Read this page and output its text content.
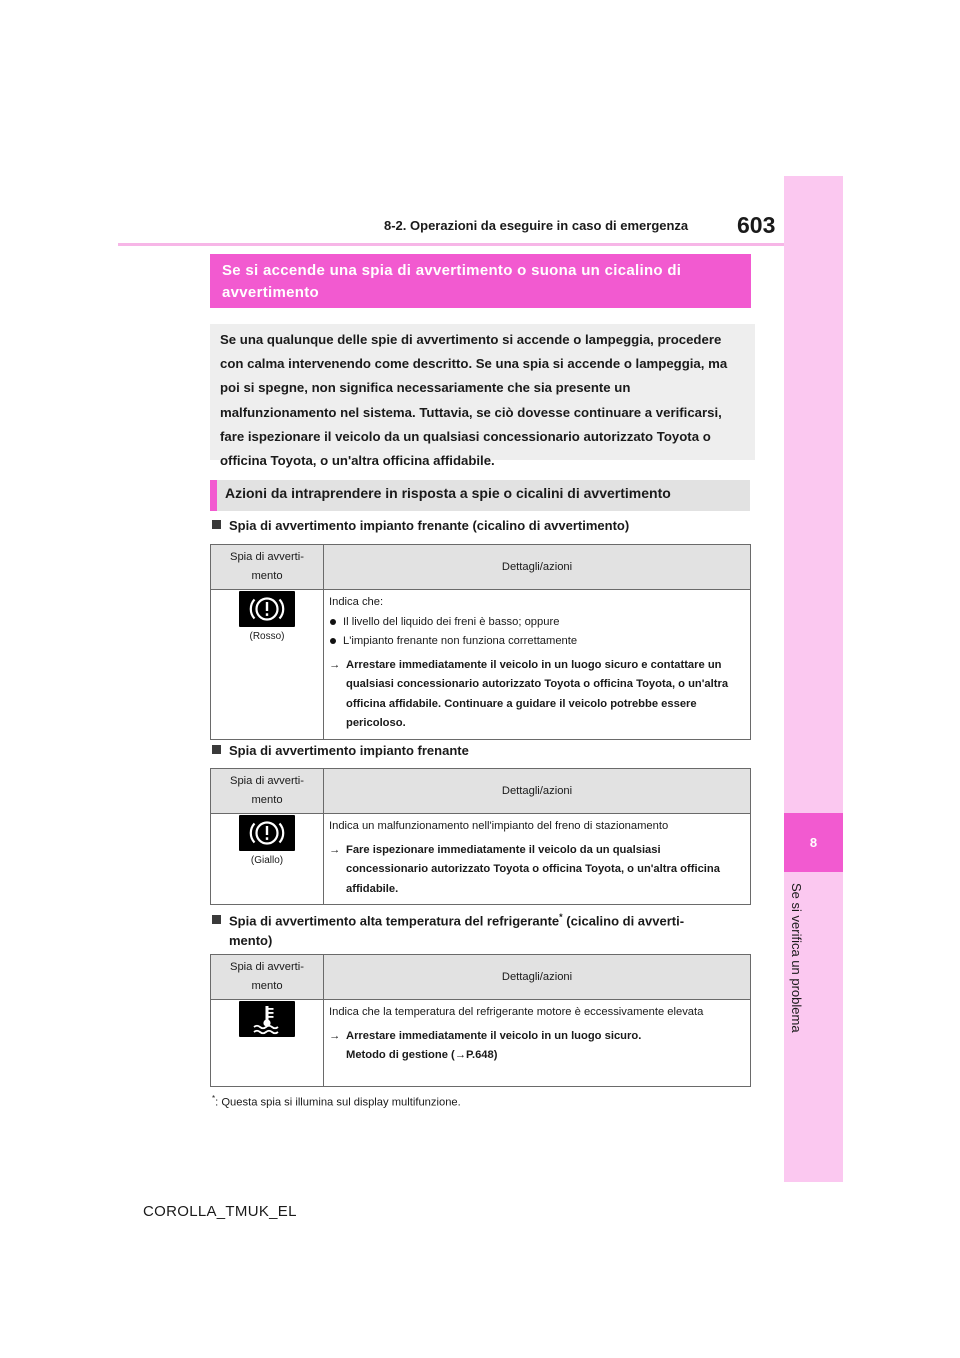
8-2. Operazioni da eseguire in caso di emergenza 603
8
Se si verifica un problema
Se si accende una spia di avvertimento o suona un cicalino di avvertimento
Se una qualunque delle spie di avvertimento si accende o lampeggia, procedere con calma intervenendo come descritto. Se una spia si accende o lampeggia, ma poi si spegne, non significa necessariamente che sia presente un malfunzionamento nel sistema. Tuttavia, se ciò dovesse continuare a verificarsi, fare ispezionare il veicolo da un qualsiasi concessionario autorizzato Toyota o officina Toyota, o un'altra officina affidabile.
Azioni da intraprendere in risposta a spie o cicalini di avvertimento
Spia di avvertimento impianto frenante (cicalino di avvertimento)
Spia di avverti-
mento	Dettagli/azioni

(Rosso)	Indica che:
Il livello del liquido dei freni è basso; oppure
L'impianto frenante non funziona correttamente
→ Arrestare immediatamente il veicolo in un luogo sicuro e contattare un qualsiasi concessionario autorizzato Toyota o officina Toyota, o un'altra officina affidabile. Continuare a guidare il veicolo potrebbe essere pericoloso.
Spia di avvertimento impianto frenante
Spia di avverti-
mento	Dettagli/azioni

(Giallo)	Indica un malfunzionamento nell'impianto del freno di stazionamento
→ Fare ispezionare immediatamente il veicolo da un qualsiasi concessionario autorizzato Toyota o officina Toyota, o un'altra officina affidabile.
Spia di avvertimento alta temperatura del refrigerante* (cicalino di avverti-
mento)
Spia di avverti-
mento	Dettagli/azioni

Indica che la temperatura del refrigerante motore è eccessivamente elevata
→ Arrestare immediatamente il veicolo in un luogo sicuro.
Metodo di gestione (→P.648)
*: Questa spia si illumina sul display multifunzione.
COROLLA_TMUK_EL
